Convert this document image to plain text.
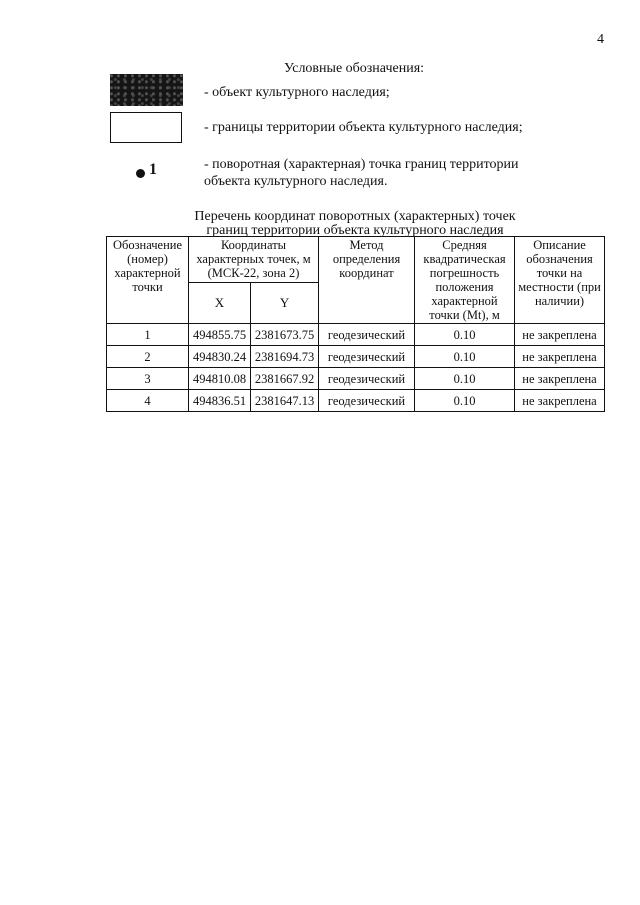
4
Условные обозначения:
- объект культурного наследия;
- границы территории объекта культурного наследия;
1	- поворотная (характерная) точка границ территории
объекта культурного наследия.
Перечень координат поворотных (характерных) точек
границ территории объекта культурного наследия
Обозначение (номер) характерной точки	Координаты характерных точек, м (МСК-22, зона 2)		Метод определения координат	Средняя квадратическая погрешность положения характерной точки (Mt), м	Описание обозначения точки на местности (при наличии)
	X	Y			
1	494855.75	2381673.75	геодезический	0.10	не закреплена
2	494830.24	2381694.73	геодезический	0.10	не закреплена
3	494810.08	2381667.92	геодезический	0.10	не закреплена
4	494836.51	2381647.13	геодезический	0.10	не закреплена
